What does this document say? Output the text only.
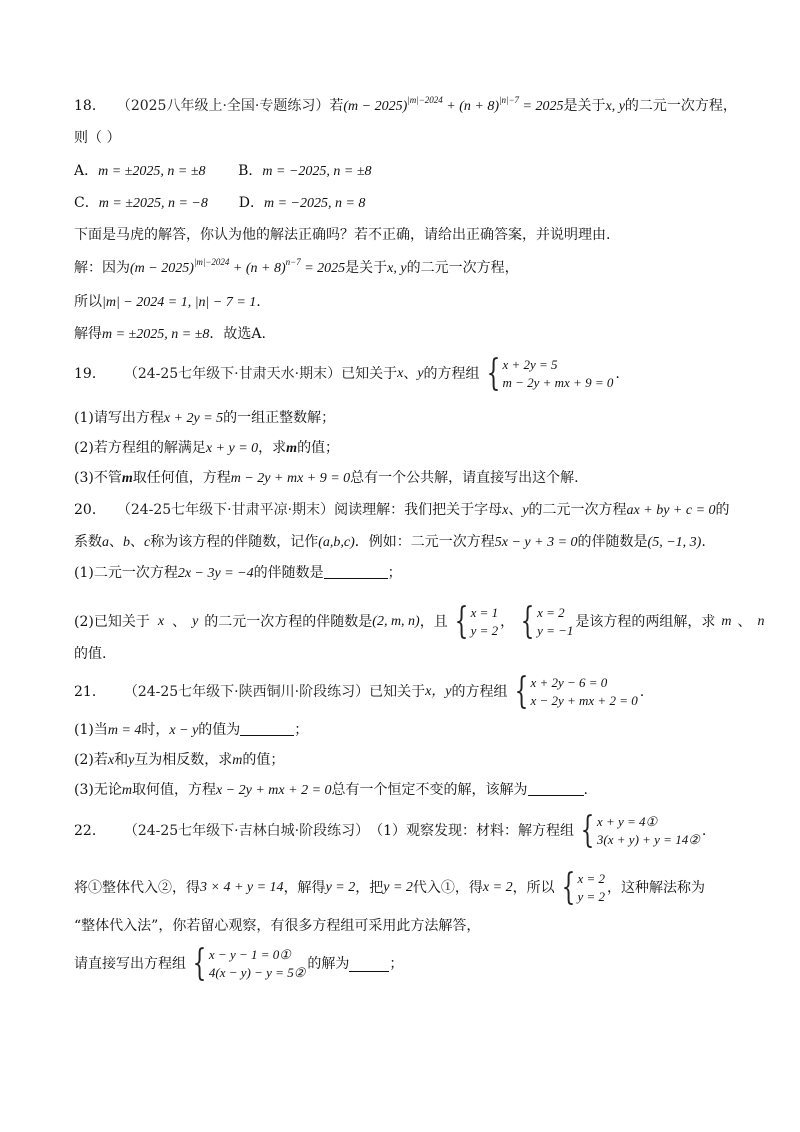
18． （2025八年级上·全国·专题练习）若$(m - 2025)^{|m|-2024} + (n + 8)^{|n|-7} = 2025$是关于x, y的二元一次方程，
则（ ）
A．m = ±2025, n = ±8 B．m = −2025, n = ±8
C．m = ±2025, n = −8 D．m = −2025, n = 8
下面是马虎的解答，你认为他的解法正确吗？若不正确，请给出正确答案，并说明理由.
解：因为$(m - 2025)^{|m|-2024} + (n + 8)^{n-7} = 2025$是关于x, y的二元一次方程，
所以|m| − 2024 = 1, |n| − 7 = 1.
解得m = ±2025, n = ±8．故选A.
19． （24-25七年级下·甘肃天水·期末） 已知关于 x 、 y 的方程组 { x + 2y = 5
m − 2y + mx + 9 = 0
.
(1)请写出方程x + 2y = 5的一组正整数解；
(2)若方程组的解满足x + y = 0，求m的值；
(3)不管m取任何值，方程m − 2y + mx + 9 = 0总有一个公共解，请直接写出这个解.
20． （24-25七年级下·甘肃平凉·期末）阅读理解：我们把关于字母x、y的二元一次方程ax + by + c = 0的
系数a、b、c称为该方程的伴随数，记作(a,b,c)．例如：二元一次方程5x − y + 3 = 0的伴随数是(5, −1, 3).
(1)二元一次方程2x − 3y = −4的伴随数是	；
(2)已知关于 x 、 y 的二元一次方程的伴随数是 (2, m, n) ，且 { x = 1
y = 2
， { x = 2
y = −1
是该方程的两组解，求 m 、 n
的值.
21． （24-25七年级下·陕西铜川·阶段练习） 已知关于 x，y 的方程组 { x + 2y − 6 = 0
x − 2y + mx + 2 = 0
.
(1)当m = 4时，x − y的值为	；
(2)若x和y互为相反数，求m的值；
(3)无论m取何值，方程x − 2y + mx + 2 = 0总有一个恒定不变的解，该解为	.
22． （24-25七年级下·吉林白城·阶段练习） （1）观察发现：材料：解方程组 { x + y = 4①
3(x + y) + y = 14②
.
将①整体代入②，得 3 × 4 + y = 14 ，解得 y = 2 ，把 y = 2 代入①，得 x = 2 ，所以 { x = 2
y = 2
，这种解法称为
“整体代入法”，你若留心观察，有很多方程组可采用此方法解答，
请直接写出方程组 { x − y − 1 = 0①
4(x − y) − y = 5②
的解为	；
